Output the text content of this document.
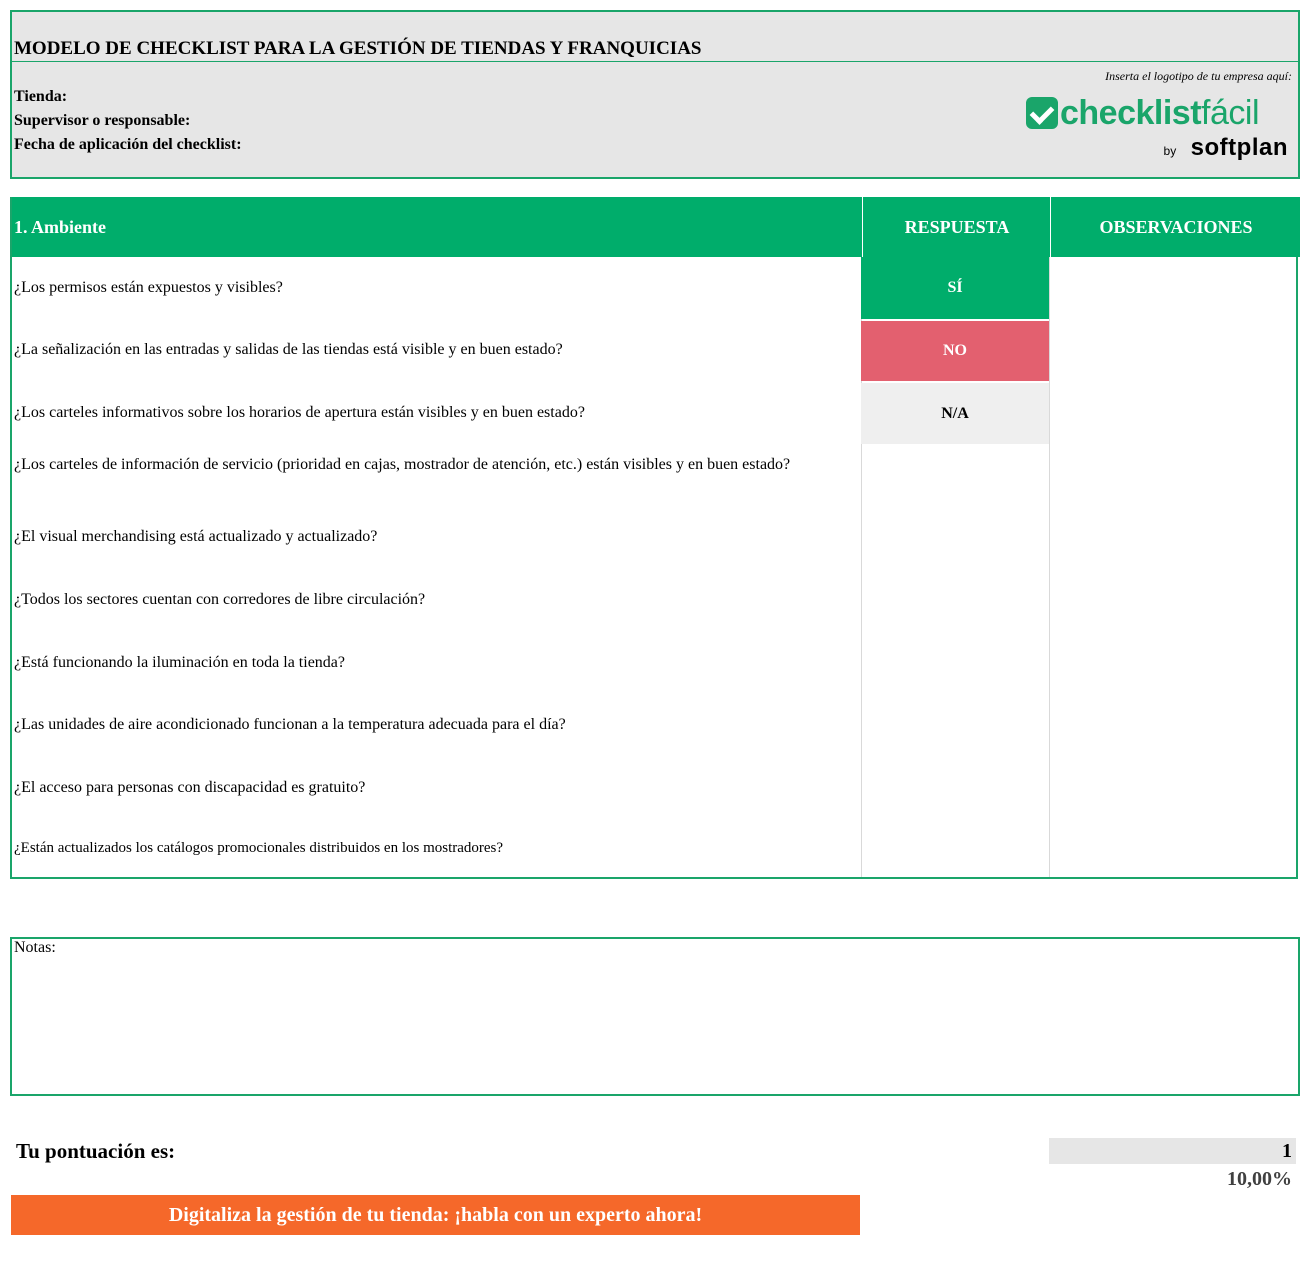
MODELO DE CHECKLIST PARA LA GESTIÓN DE TIENDAS Y FRANQUICIAS
Tienda:
Supervisor o responsable:
Fecha de aplicación del checklist:
Inserta el logotipo de tu empresa aquí:
checklistfácil
by softplan
1. Ambiente	RESPUESTA	OBSERVACIONES
¿Los permisos están expuestos y visibles?	SÍ
¿La señalización en las entradas y salidas de las tiendas está visible y en buen estado?	NO
¿Los carteles informativos sobre los horarios de apertura están visibles y en buen estado?	N/A
¿Los carteles de información de servicio (prioridad en cajas, mostrador de atención, etc.) están visibles y en buen estado?
¿El visual merchandising está actualizado y actualizado?
¿Todos los sectores cuentan con corredores de libre circulación?
¿Está funcionando la iluminación en toda la tienda?
¿Las unidades de aire acondicionado funcionan a la temperatura adecuada para el día?
¿El acceso para personas con discapacidad es gratuito?
¿Están actualizados los catálogos promocionales distribuidos en los mostradores?
Notas:
Tu pontuación es:	1
10,00%
Digitaliza la gestión de tu tienda: ¡habla con un experto ahora!
